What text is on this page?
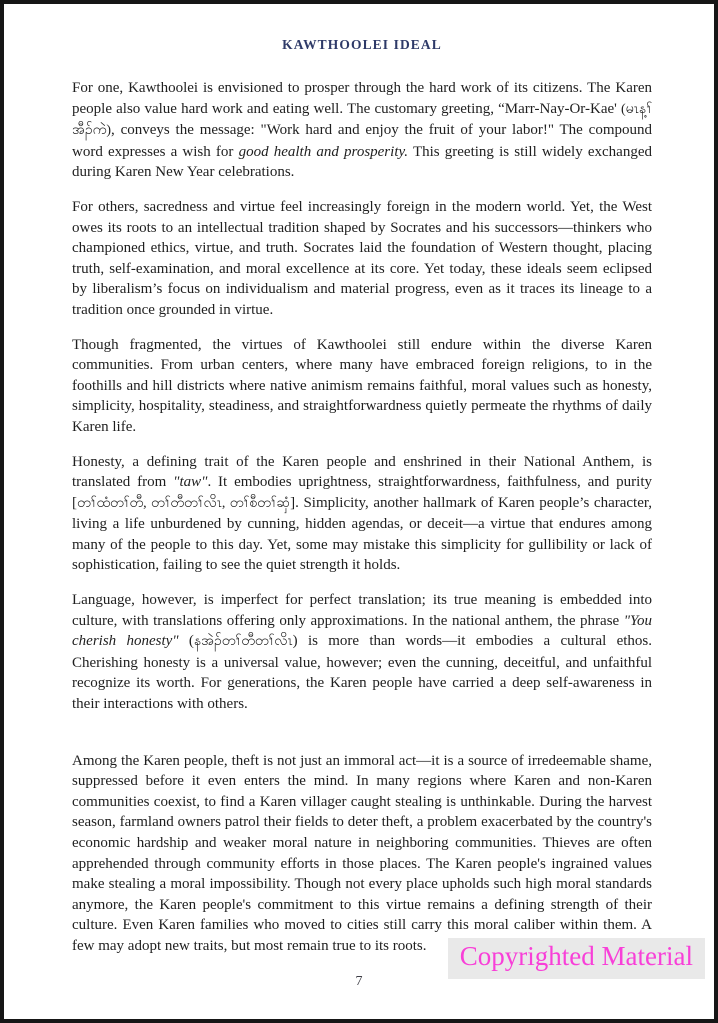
KAWTHOOLEI IDEAL

For one, Kawthoolei is envisioned to prosper through the hard work of its citizens. The Karen people also value hard work and eating well. The customary greeting, “Marr-Nay-Or-Kae' (မၤန့ၢ်အီၣ်ကဲ), conveys the message: "Work hard and enjoy the fruit of your labor!" The compound word expresses a wish for good health and prosperity. This greeting is still widely exchanged during Karen New Year celebrations.

For others, sacredness and virtue feel increasingly foreign in the modern world. Yet, the West owes its roots to an intellectual tradition shaped by Socrates and his successors—thinkers who championed ethics, virtue, and truth. Socrates laid the foundation of Western thought, placing truth, self-examination, and moral excellence at its core. Yet today, these ideals seem eclipsed by liberalism’s focus on individualism and material progress, even as it traces its lineage to a tradition once grounded in virtue.

Though fragmented, the virtues of Kawthoolei still endure within the diverse Karen communities. From urban centers, where many have embraced foreign religions, to in the foothills and hill districts where native animism remains faithful, moral values such as honesty, simplicity, hospitality, steadiness, and straightforwardness quietly permeate the rhythms of daily Karen life.

Honesty, a defining trait of the Karen people and enshrined in their National Anthem, is translated from "taw". It embodies uprightness, straightforwardness, faithfulness, and purity [တၢ်ထံတၢ်တီ, တၢ်တီတၢ်လိၤ, တၢ်စီတၢ်ဆှံ]. Simplicity, another hallmark of Karen people’s character, living a life unburdened by cunning, hidden agendas, or deceit—a virtue that endures among many of the people to this day. Yet, some may mistake this simplicity for gullibility or lack of sophistication, failing to see the quiet strength it holds.

Language, however, is imperfect for perfect translation; its true meaning is embedded into culture, with translations offering only approximations. In the national anthem, the phrase "You cherish honesty" (နအဲၣ်တၢ်တီတၢ်လိၤ) is more than words—it embodies a cultural ethos. Cherishing honesty is a universal value, however; even the cunning, deceitful, and unfaithful recognize its worth. For generations, the Karen people have carried a deep self-awareness in their interactions with others.

Among the Karen people, theft is not just an immoral act—it is a source of irredeemable shame, suppressed before it even enters the mind. In many regions where Karen and non-Karen communities coexist, to find a Karen villager caught stealing is unthinkable. During the harvest season, farmland owners patrol their fields to deter theft, a problem exacerbated by the country's economic hardship and weaker moral nature in neighboring communities. Thieves are often apprehended through community efforts in those places. The Karen people's ingrained values make stealing a moral impossibility. Though not every place upholds such high moral standards anymore, the Karen people's commitment to this virtue remains a defining strength of their culture. Even Karen families who moved to cities still carry this moral caliber within them. A few may adopt new traits, but most remain true to its roots.	Copyrighted Material
7
